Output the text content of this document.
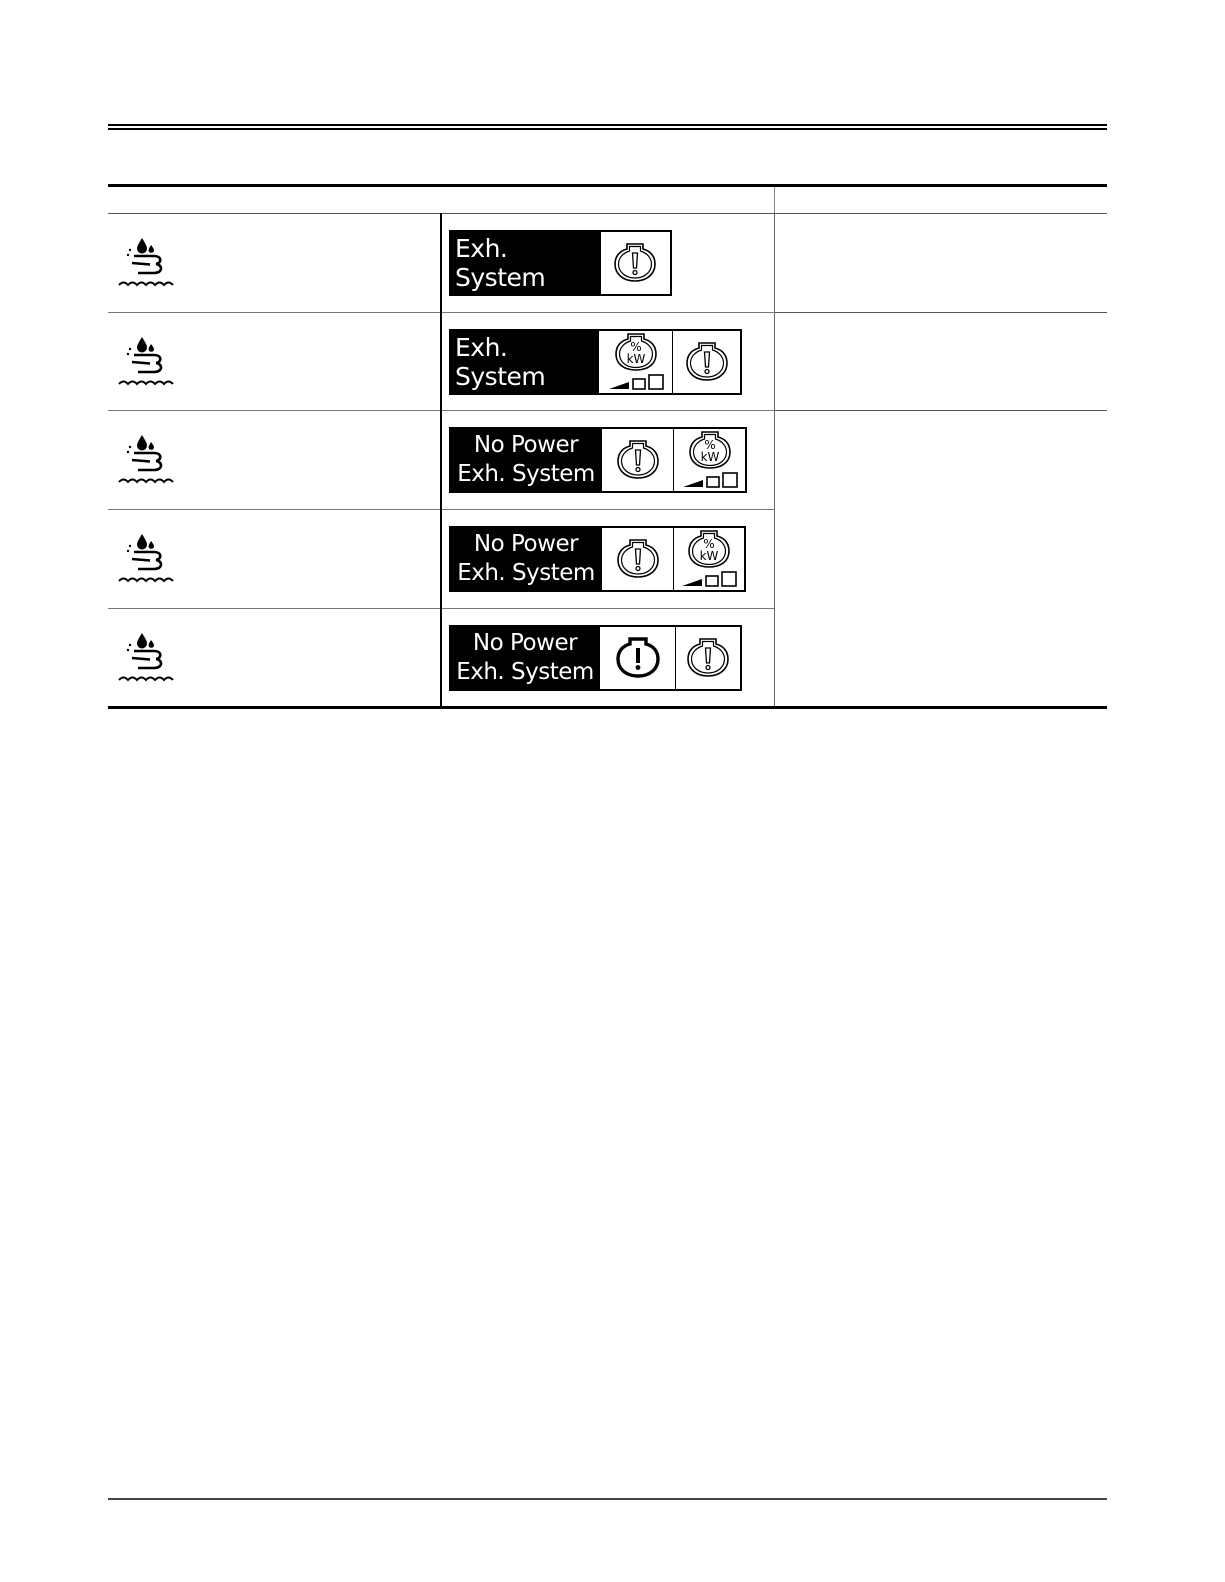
Exh. System	

Exh. System	

No Power
Exh. System	

No Power
Exh. System	

No Power
Exh. System	
